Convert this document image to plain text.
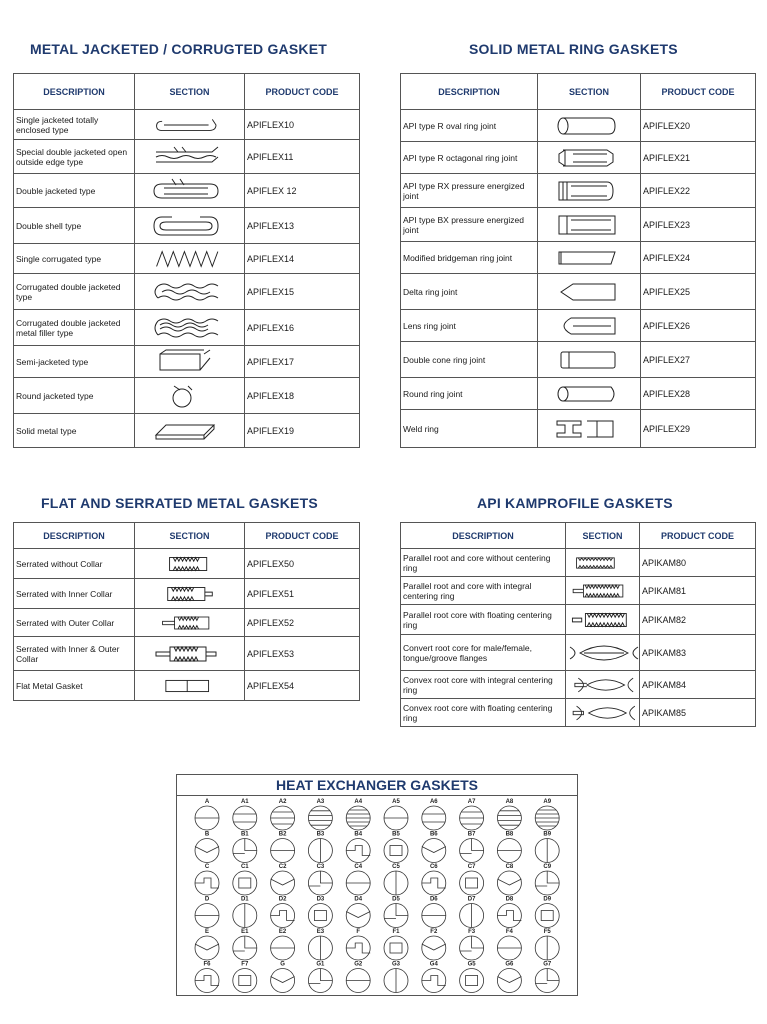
METAL JACKETED / CORRUGTED GASKET	SOLID METAL RING GASKETS
FLAT AND SERRATED METAL GASKETS	API KAMPROFILE GASKETS
DESCRIPTION	SECTION	PRODUCT CODE
Single jacketed totally enclosed type		APIFLEX10
Special double jacketed open outside edge type		APIFLEX11
Double jacketed type		APIFLEX 12
Double shell type		APIFLEX13
Single corrugated type		APIFLEX14
Corrugated double jacketed type		APIFLEX15
Corrugated double jacketed metal filler type		APIFLEX16
Semi-jacketed type		APIFLEX17
Round jacketed type		APIFLEX18
Solid metal type		APIFLEX19
DESCRIPTION	SECTION	PRODUCT CODE
API type R oval ring joint		APIFLEX20
API type R octagonal ring joint		APIFLEX21
API type RX pressure energized joint		APIFLEX22
API type BX pressure energized joint		APIFLEX23
Modified bridgeman ring joint		APIFLEX24
Delta ring joint		APIFLEX25
Lens ring joint		APIFLEX26
Double cone ring joint		APIFLEX27
Round ring joint		APIFLEX28
Weld ring		APIFLEX29
DESCRIPTION	SECTION	PRODUCT CODE
Serrated without Collar		APIFLEX50
Serrated with Inner Collar		APIFLEX51
Serrated with Outer Collar		APIFLEX52
Serrated with Inner & Outer Collar		APIFLEX53
Flat Metal Gasket		APIFLEX54
DESCRIPTION	SECTION	PRODUCT CODE
Parallel root and core without centering ring		APIKAM80
Parallel root and core with integral centering ring		APIKAM81
Parallel root core with floating centering ring		APIKAM82
Convert root core for male/female, tongue/groove flanges		APIKAM83
Convex root core with integral centering ring		APIKAM84
Convex root core with floating centering ring		APIKAM85
HEAT EXCHANGER GASKETS
A	A1	A2	A3	A4	A5	A6	A7	A8	A9
B	B1	B2	B3	B4	B5	B6	B7	B8	B9
C	C1	C2	C3	C4	C5	C6	C7	C8	C9
D	D1	D2	D3	D4	D5	D6	D7	D8	D9
E	E1	E2	E3	F	F1	F2	F3	F4	F5
F6	F7	G	G1	G2	G3	G4	G5	G6	G7
